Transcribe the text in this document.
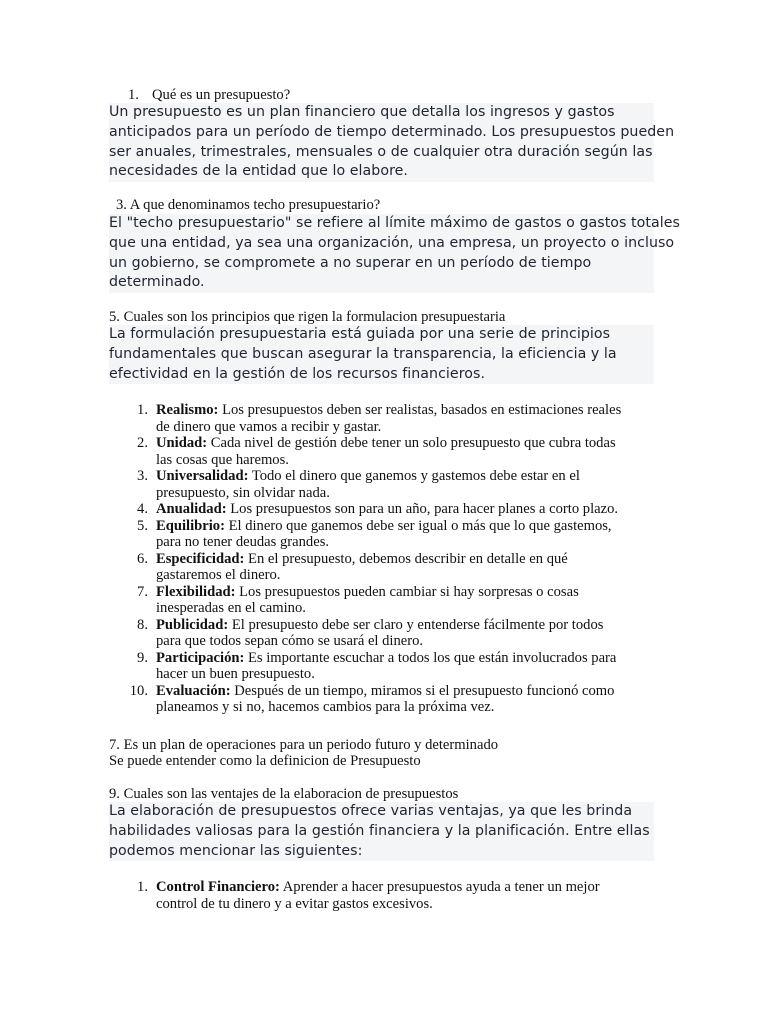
1. Qué es un presupuesto?
Un presupuesto es un plan financiero que detalla los ingresos y gastos
anticipados para un período de tiempo determinado. Los presupuestos pueden
ser anuales, trimestrales, mensuales o de cualquier otra duración según las
necesidades de la entidad que lo elabore.
3. A que denominamos techo presupuestario?
El "techo presupuestario" se refiere al límite máximo de gastos o gastos totales
que una entidad, ya sea una organización, una empresa, un proyecto o incluso
un gobierno, se compromete a no superar en un período de tiempo
determinado.
5. Cuales son los principios que rigen la formulacion presupuestaria
La formulación presupuestaria está guiada por una serie de principios
fundamentales que buscan asegurar la transparencia, la eficiencia y la
efectividad en la gestión de los recursos financieros.
1. Realismo: Los presupuestos deben ser realistas, basados en estimaciones reales
de dinero que vamos a recibir y gastar.
2. Unidad: Cada nivel de gestión debe tener un solo presupuesto que cubra todas
las cosas que haremos.
3. Universalidad: Todo el dinero que ganemos y gastemos debe estar en el
presupuesto, sin olvidar nada.
4. Anualidad: Los presupuestos son para un año, para hacer planes a corto plazo.
5. Equilibrio: El dinero que ganemos debe ser igual o más que lo que gastemos,
para no tener deudas grandes.
6. Especificidad: En el presupuesto, debemos describir en detalle en qué
gastaremos el dinero.
7. Flexibilidad: Los presupuestos pueden cambiar si hay sorpresas o cosas
inesperadas en el camino.
8. Publicidad: El presupuesto debe ser claro y entenderse fácilmente por todos
para que todos sepan cómo se usará el dinero.
9. Participación: Es importante escuchar a todos los que están involucrados para
hacer un buen presupuesto.
10. Evaluación: Después de un tiempo, miramos si el presupuesto funcionó como
planeamos y si no, hacemos cambios para la próxima vez.
7. Es un plan de operaciones para un periodo futuro y determinado
Se puede entender como la definicion de Presupuesto
9. Cuales son las ventajes de la elaboracion de presupuestos
La elaboración de presupuestos ofrece varias ventajas, ya que les brinda
habilidades valiosas para la gestión financiera y la planificación. Entre ellas
podemos mencionar las siguientes:
1. Control Financiero: Aprender a hacer presupuestos ayuda a tener un mejor
control de tu dinero y a evitar gastos excesivos.
